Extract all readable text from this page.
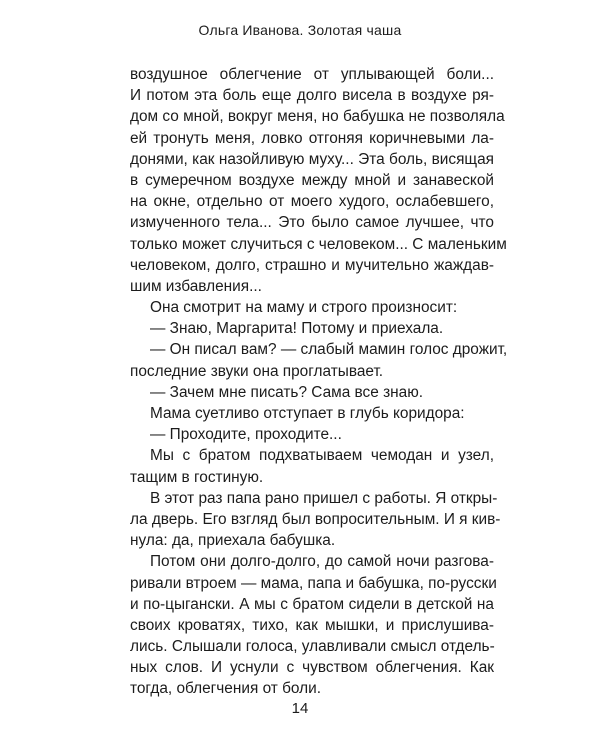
Ольга Иванова. Золотая чаша
воздушное облегчение от уплывающей боли...
И потом эта боль еще долго висела в воздухе ря-
дом со мной, вокруг меня, но бабушка не позволяла
ей тронуть меня, ловко отгоняя коричневыми ла-
донями, как назойливую муху... Эта боль, висящая
в сумеречном воздухе между мной и занавеской
на окне, отдельно от моего худого, ослабевшего,
измученного тела... Это было самое лучшее, что
только может случиться с человеком... С маленьким
человеком, долго, страшно и мучительно жаждав-
шим избавления...
Она смотрит на маму и строго произносит:
— Знаю, Маргарита! Потому и приехала.
— Он писал вам? — слабый мамин голос дрожит,
последние звуки она проглатывает.
— Зачем мне писать? Сама все знаю.
Мама суетливо отступает в глубь коридора:
— Проходите, проходите...
Мы с братом подхватываем чемодан и узел,
тащим в гостиную.
В этот раз папа рано пришел с работы. Я откры-
ла дверь. Его взгляд был вопросительным. И я кив-
нула: да, приехала бабушка.
Потом они долго-долго, до самой ночи разгова-
ривали втроем — мама, папа и бабушка, по-русски
и по-цыгански. А мы с братом сидели в детской на
своих кроватях, тихо, как мышки, и прислушива-
лись. Слышали голоса, улавливали смысл отдель-
ных слов. И уснули с чувством облегчения. Как
тогда, облегчения от боли.
14
